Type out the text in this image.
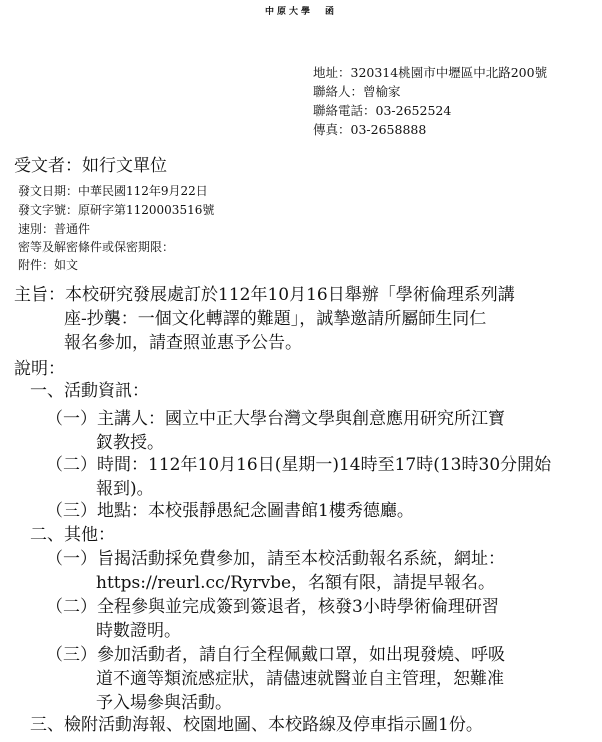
中原大學　函
地址：320314桃園市中壢區中北路200號
聯絡人：曾榆家
聯絡電話：03-2652524
傳真：03-2658888
受文者：如行文單位
發文日期：中華民國112年9月22日
發文字號：原研字第1120003516號
速別：普通件
密等及解密條件或保密期限：
附件：如文
主旨：本校研究發展處訂於112年10月16日舉辦「學術倫理系列講
座-抄襲：一個文化轉譯的難題」，誠摯邀請所屬師生同仁
報名參加，請查照並惠予公告。
說明：
一、活動資訊：
（一）主講人：國立中正大學台灣文學與創意應用研究所江寶
釵教授。
（二）時間：112年10月16日(星期一)14時至17時(13時30分開始
報到)。
（三）地點：本校張靜愚紀念圖書館1樓秀德廳。
二、其他：
（一）旨揭活動採免費參加，請至本校活動報名系統，網址：
https://reurl.cc/Ryrvbe，名額有限，請提早報名。
（二）全程參與並完成簽到簽退者，核發3小時學術倫理研習
時數證明。
（三）參加活動者，請自行全程佩戴口罩，如出現發燒、呼吸
道不適等類流感症狀，請儘速就醫並自主管理，恕難准
予入場參與活動。
三、檢附活動海報、校園地圖、本校路線及停車指示圖1份。
